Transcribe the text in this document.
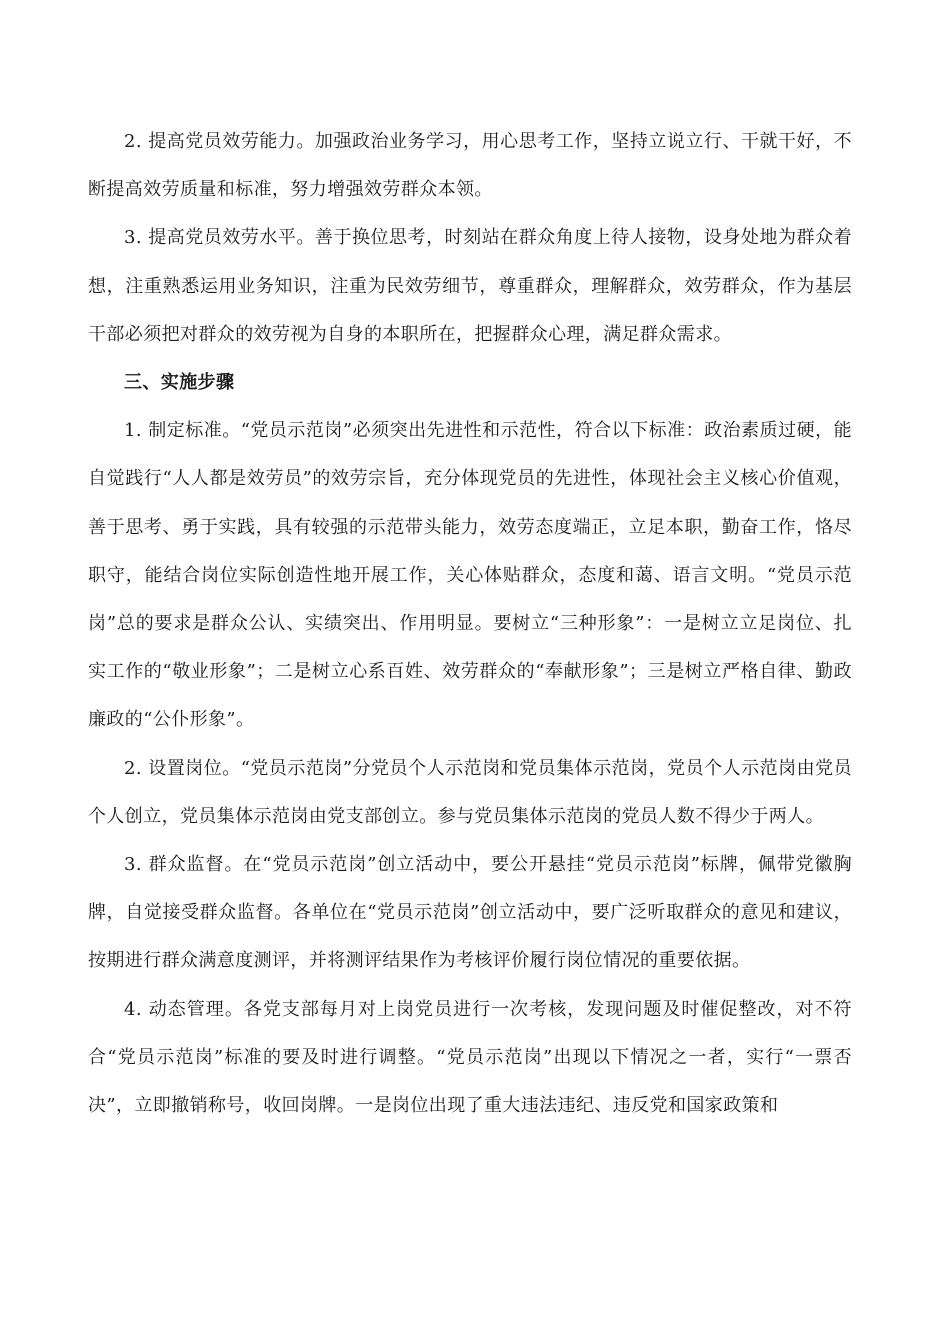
2. 提高党员效劳能力。加强政治业务学习，用心思考工作，坚持立说立行、干就干好，不断提高效劳质量和标准，努力增强效劳群众本领。

3. 提高党员效劳水平。善于换位思考，时刻站在群众角度上待人接物，设身处地为群众着想，注重熟悉运用业务知识，注重为民效劳细节，尊重群众，理解群众，效劳群众，作为基层干部必须把对群众的效劳视为自身的本职所在，把握群众心理，满足群众需求。

三、实施步骤

1. 制定标准。“党员示范岗”必须突出先进性和示范性，符合以下标准：政治素质过硬，能自觉践行“人人都是效劳员”的效劳宗旨，充分体现党员的先进性，体现社会主义核心价值观，善于思考、勇于实践，具有较强的示范带头能力，效劳态度端正，立足本职，勤奋工作，恪尽职守，能结合岗位实际创造性地开展工作，关心体贴群众，态度和蔼、语言文明。“党员示范岗”总的要求是群众公认、实绩突出、作用明显。要树立“三种形象”：一是树立立足岗位、扎实工作的“敬业形象”；二是树立心系百姓、效劳群众的“奉献形象”；三是树立严格自律、勤政廉政的“公仆形象”。

2. 设置岗位。“党员示范岗”分党员个人示范岗和党员集体示范岗，党员个人示范岗由党员个人创立，党员集体示范岗由党支部创立。参与党员集体示范岗的党员人数不得少于两人。

3. 群众监督。在“党员示范岗”创立活动中，要公开悬挂“党员示范岗”标牌，佩带党徽胸牌，自觉接受群众监督。各单位在“党员示范岗”创立活动中，要广泛听取群众的意见和建议，按期进行群众满意度测评，并将测评结果作为考核评价履行岗位情况的重要依据。

4. 动态管理。各党支部每月对上岗党员进行一次考核，发现问题及时催促整改，对不符合“党员示范岗”标准的要及时进行调整。“党员示范岗”出现以下情况之一者，实行“一票否决”，立即撤销称号，收回岗牌。一是岗位出现了重大违法违纪、违反党和国家政策和
